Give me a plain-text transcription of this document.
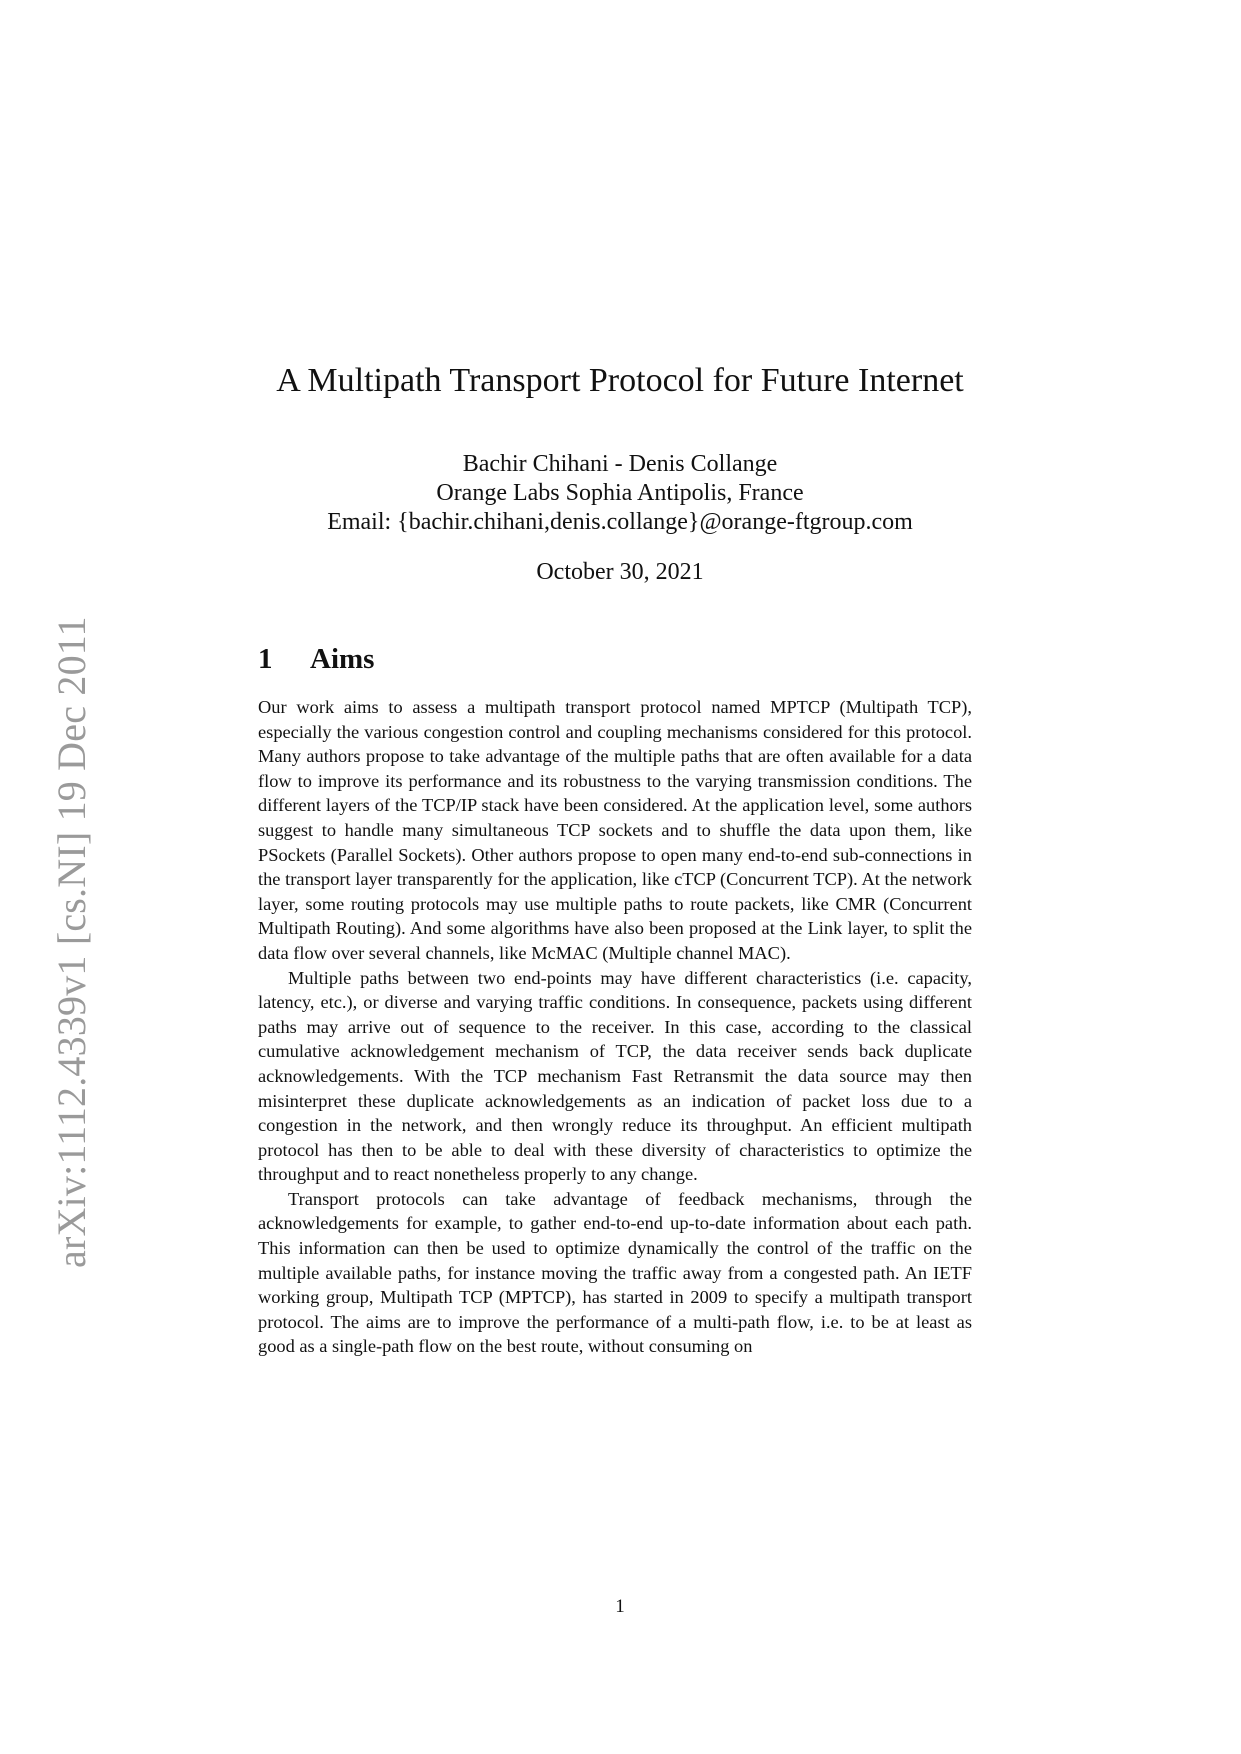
arXiv:1112.4339v1 [cs.NI] 19 Dec 2011
A Multipath Transport Protocol for Future Internet
Bachir Chihani - Denis Collange
Orange Labs Sophia Antipolis, France
Email: {bachir.chihani,denis.collange}@orange-ftgroup.com
October 30, 2021
1 Aims

Our work aims to assess a multipath transport protocol named MPTCP (Multipath TCP), especially the various congestion control and coupling mechanisms considered for this protocol. Many authors propose to take advantage of the multiple paths that are often available for a data flow to improve its performance and its robustness to the varying transmission conditions. The different layers of the TCP/IP stack have been considered. At the application level, some authors suggest to handle many simultaneous TCP sockets and to shuffle the data upon them, like PSockets (Parallel Sockets). Other authors propose to open many end-to-end sub-connections in the transport layer transparently for the application, like cTCP (Concurrent TCP). At the network layer, some routing protocols may use multiple paths to route packets, like CMR (Concurrent Multipath Routing). And some algorithms have also been proposed at the Link layer, to split the data flow over several channels, like McMAC (Multiple channel MAC).

Multiple paths between two end-points may have different characteristics (i.e. capacity, latency, etc.), or diverse and varying traffic conditions. In consequence, packets using different paths may arrive out of sequence to the receiver. In this case, according to the classical cumulative acknowledgement mechanism of TCP, the data receiver sends back duplicate acknowledgements. With the TCP mechanism Fast Retransmit the data source may then misinterpret these duplicate acknowledgements as an indication of packet loss due to a congestion in the network, and then wrongly reduce its throughput. An efficient multipath protocol has then to be able to deal with these diversity of characteristics to optimize the throughput and to react nonetheless properly to any change.

Transport protocols can take advantage of feedback mechanisms, through the acknowledgements for example, to gather end-to-end up-to-date information about each path. This information can then be used to optimize dynamically the control of the traffic on the multiple available paths, for instance moving the traffic away from a congested path. An IETF working group, Multipath TCP (MPTCP), has started in 2009 to specify a multipath transport protocol. The aims are to improve the performance of a multi-path flow, i.e. to be at least as good as a single-path flow on the best route, without consuming on

1
